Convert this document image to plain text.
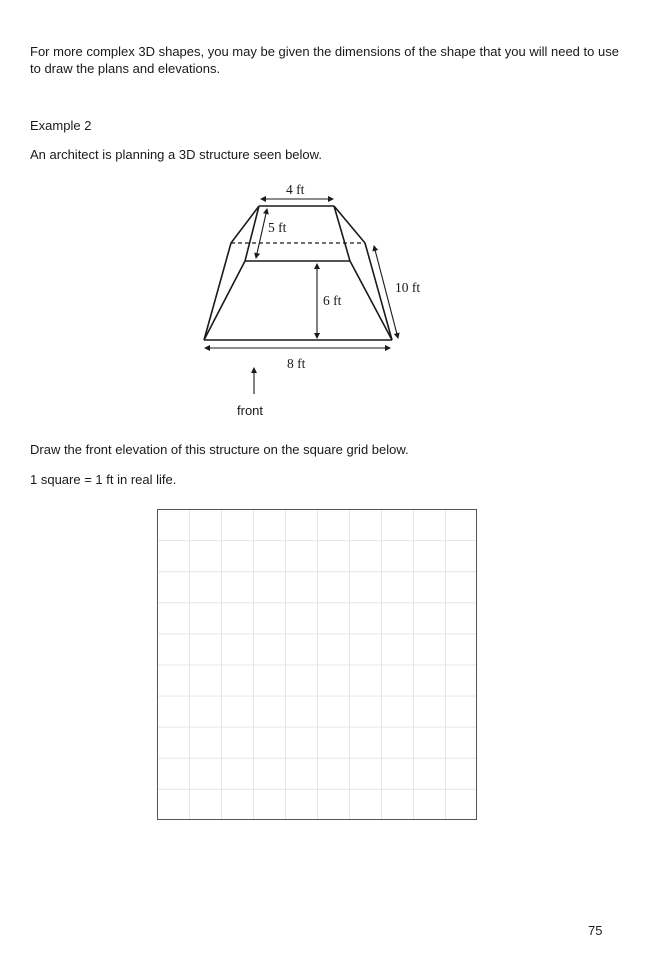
For more complex 3D shapes, you may be given the dimensions of the shape that you will need to use to draw the plans and elevations.
Example 2
An architect is planning a 3D structure seen below.
4 ft
5 ft
6 ft
10 ft
8 ft
front
Draw the front elevation of this structure on the square grid below.
1 square = 1 ft in real life.
75
